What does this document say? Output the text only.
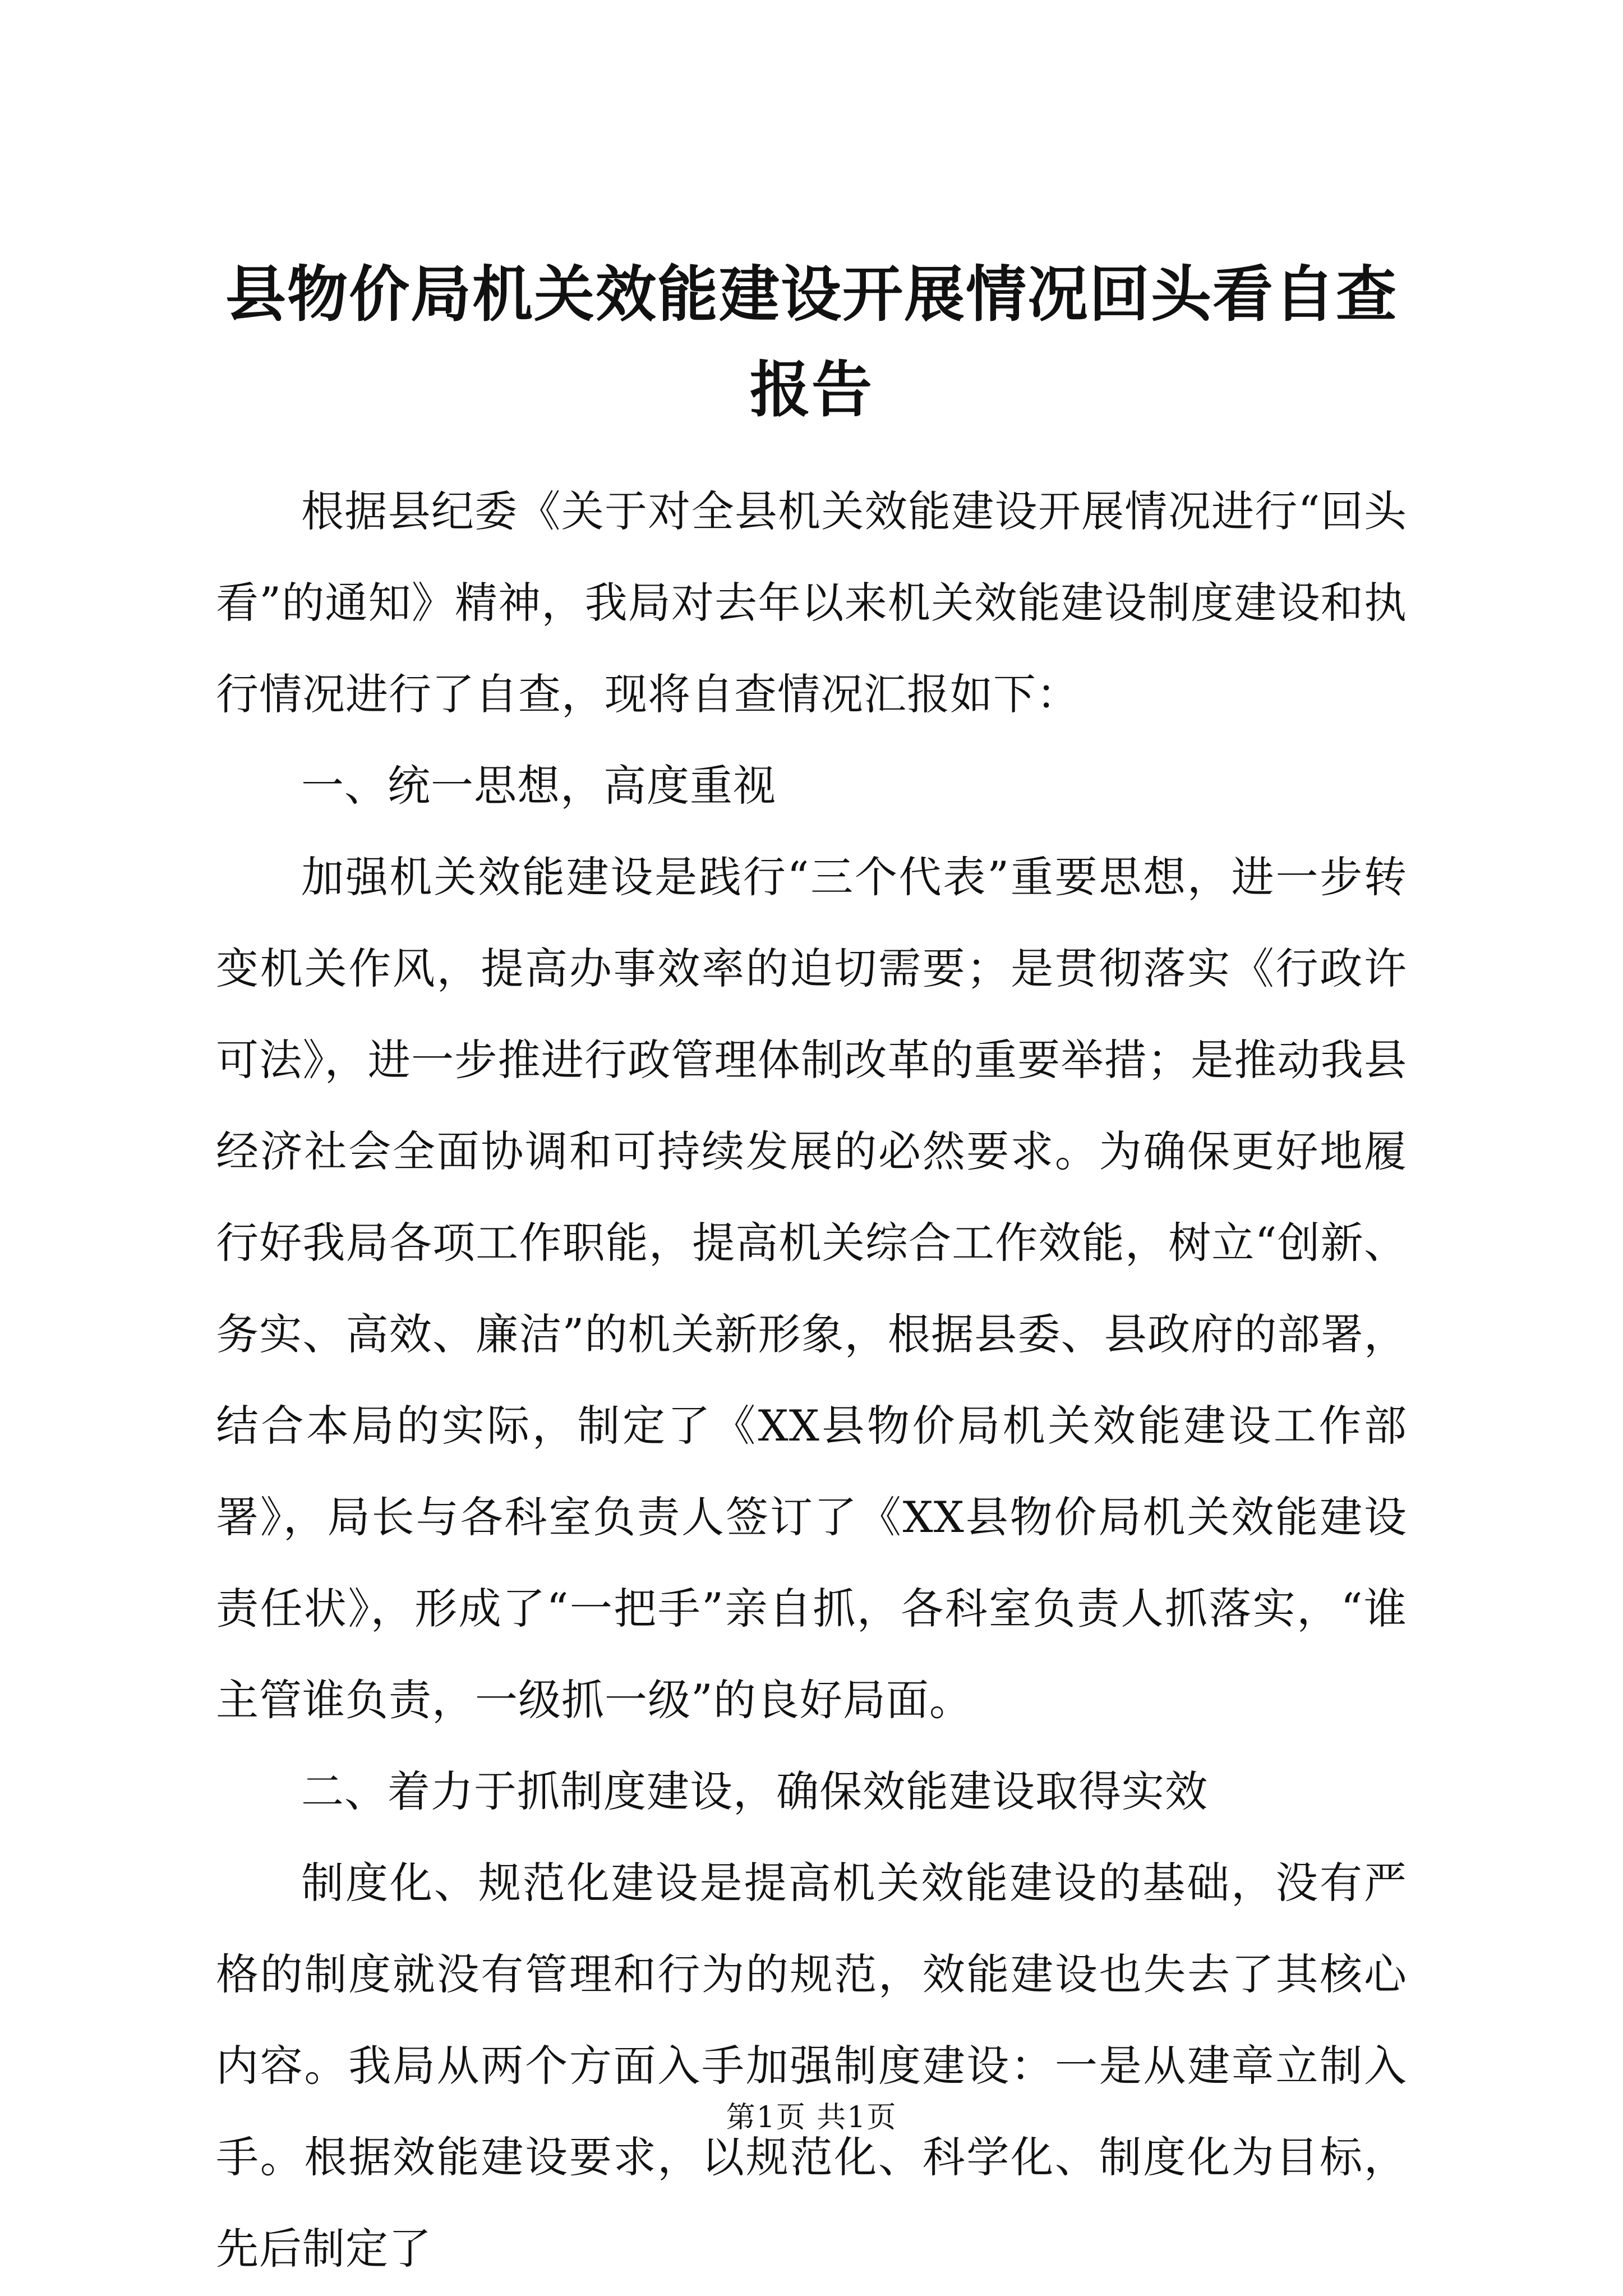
县物价局机关效能建设开展情况回头看自查报告

根据县纪委《关于对全县机关效能建设开展情况进行“回头看”的通知》精神，我局对去年以来机关效能建设制度建设和执行情况进行了自查，现将自查情况汇报如下：

一、统一思想，高度重视

加强机关效能建设是践行“三个代表”重要思想，进一步转变机关作风，提高办事效率的迫切需要；是贯彻落实《行政许可法》，进一步推进行政管理体制改革的重要举措；是推动我县经济社会全面协调和可持续发展的必然要求。为确保更好地履行好我局各项工作职能，提高机关综合工作效能，树立“创新、务实、高效、廉洁”的机关新形象，根据县委、县政府的部署，结合本局的实际，制定了《XX县物价局机关效能建设工作部署》，局长与各科室负责人签订了《XX县物价局机关效能建设责任状》，形成了“一把手”亲自抓，各科室负责人抓落实，“谁主管谁负责，一级抓一级”的良好局面。

二、着力于抓制度建设，确保效能建设取得实效

制度化、规范化建设是提高机关效能建设的基础，没有严格的制度就没有管理和行为的规范，效能建设也失去了其核心内容。我局从两个方面入手加强制度建设：一是从建章立制入手。根据效能建设要求，以规范化、科学化、制度化为目标，先后制定了

第1页 共1页
